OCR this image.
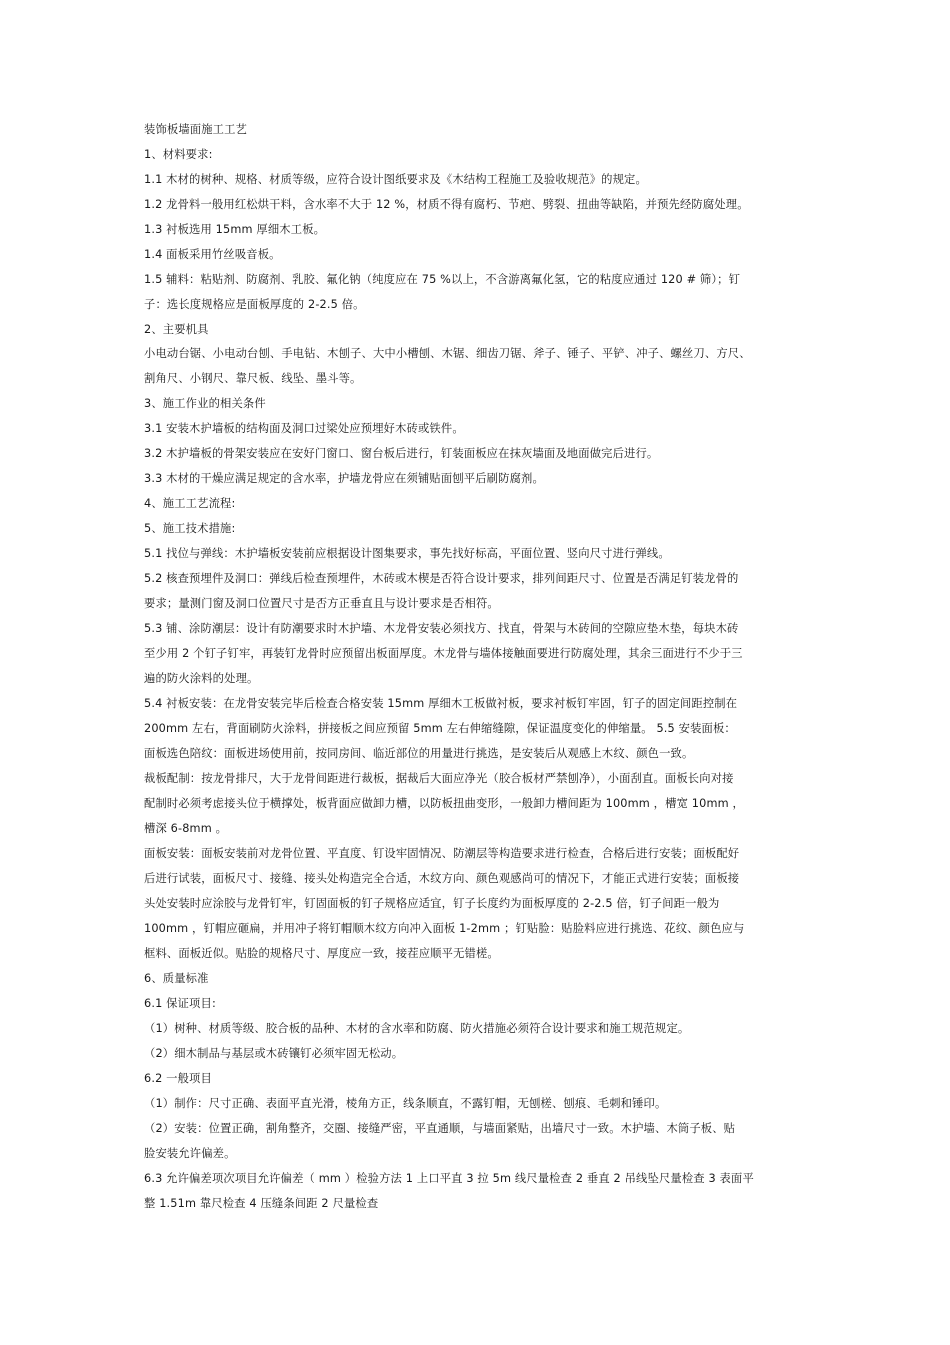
装饰板墙面施工工艺
1、材料要求:
1.1 木材的树种、规格、材质等级，应符合设计图纸要求及《木结构工程施工及验收规范》的规定。
1.2 龙骨料一般用红松烘干料，含水率不大于 12 %，材质不得有腐朽、节疤、劈裂、扭曲等缺陷，并预先经防腐处理。
1.3 衬板选用 15mm 厚细木工板。
1.4 面板采用竹丝吸音板。
1.5 辅料：粘贴剂、防腐剂、乳胶、氟化钠（纯度应在 75 %以上，不含游离氟化氢，它的粘度应通过 120 # 筛）；钉
子：选长度规格应是面板厚度的 2-2.5 倍。
2、主要机具
小电动台锯、小电动台刨、手电钻、木刨子、大中小槽刨、木锯、细齿刀锯、斧子、锤子、平铲、冲子、螺丝刀、方尺、
割角尺、小钢尺、靠尺板、线坠、墨斗等。
3、施工作业的相关条件
3.1 安装木护墙板的结构面及洞口过梁处应预埋好木砖或铁件。
3.2 木护墙板的骨架安装应在安好门窗口、窗台板后进行，钉装面板应在抹灰墙面及地面做完后进行。
3.3 木材的干燥应满足规定的含水率，护墙龙骨应在须铺贴面刨平后刷防腐剂。
4、施工工艺流程:
5、施工技术措施:
5.1 找位与弹线：木护墙板安装前应根据设计图集要求，事先找好标高，平面位置、竖向尺寸进行弹线。
5.2 核查预埋件及洞口：弹线后检查预埋件，木砖或木楔是否符合设计要求，排列间距尺寸、位置是否满足钉装龙骨的
要求；量测门窗及洞口位置尺寸是否方正垂直且与设计要求是否相符。
5.3 铺、涂防潮层：设计有防潮要求时木护墙、木龙骨安装必须找方、找直，骨架与木砖间的空隙应垫木垫，每块木砖
至少用 2 个钉子钉牢，再装钉龙骨时应预留出板面厚度。木龙骨与墙体接触面要进行防腐处理，其余三面进行不少于三
遍的防火涂料的处理。
5.4 衬板安装：在龙骨安装完毕后检查合格安装 15mm 厚细木工板做衬板，要求衬板钉牢固，钉子的固定间距控制在
200mm 左右，背面刷防火涂料，拼接板之间应预留 5mm 左右伸缩缝隙，保证温度变化的伸缩量。 5.5 安装面板：
面板选色陪纹：面板进场使用前，按同房间、临近部位的用量进行挑选，是安装后从观感上木纹、颜色一致。
裁板配制：按龙骨排尺，大于龙骨间距进行裁板，据裁后大面应净光（胶合板材严禁刨净），小面刮直。面板长向对接
配制时必须考虑接头位于横撑处，板背面应做卸力槽，以防板扭曲变形，一般卸力槽间距为 100mm ，槽宽 10mm ，
槽深 6-8mm 。
面板安装：面板安装前对龙骨位置、平直度、钉设牢固情况、防潮层等构造要求进行检查，合格后进行安装；面板配好
后进行试装，面板尺寸、接缝、接头处构造完全合适，木纹方向、颜色观感尚可的情况下，才能正式进行安装；面板接
头处安装时应涂胶与龙骨钉牢，钉固面板的钉子规格应适宜，钉子长度约为面板厚度的 2-2.5 倍，钉子间距一般为
100mm ，钉帽应砸扁，并用冲子将钉帽顺木纹方向冲入面板 1-2mm ；钉贴脸：贴脸料应进行挑选、花纹、颜色应与
框料、面板近似。贴脸的规格尺寸、厚度应一致，接茬应顺平无错槎。
6、质量标准
6.1 保证项目:
（1）树种、材质等级、胶合板的品种、木材的含水率和防腐、防火措施必须符合设计要求和施工规范规定。
（2）细木制品与基层或木砖镶钉必须牢固无松动。
6.2 一般项目
（1）制作：尺寸正确、表面平直光滑，棱角方正，线条顺直，不露钉帽，无刨槎、刨痕、毛刺和锤印。
（2）安装：位置正确，割角整齐，交圈、接缝严密，平直通顺，与墙面紧贴，出墙尺寸一致。木护墙、木筒子板、贴
脸安装允许偏差。
6.3 允许偏差项次项目允许偏差（ mm ）检验方法 1 上口平直 3 拉 5m 线尺量检查 2 垂直 2 吊线坠尺量检查 3 表面平
整 1.51m 靠尺检查 4 压缝条间距 2 尺量检查
